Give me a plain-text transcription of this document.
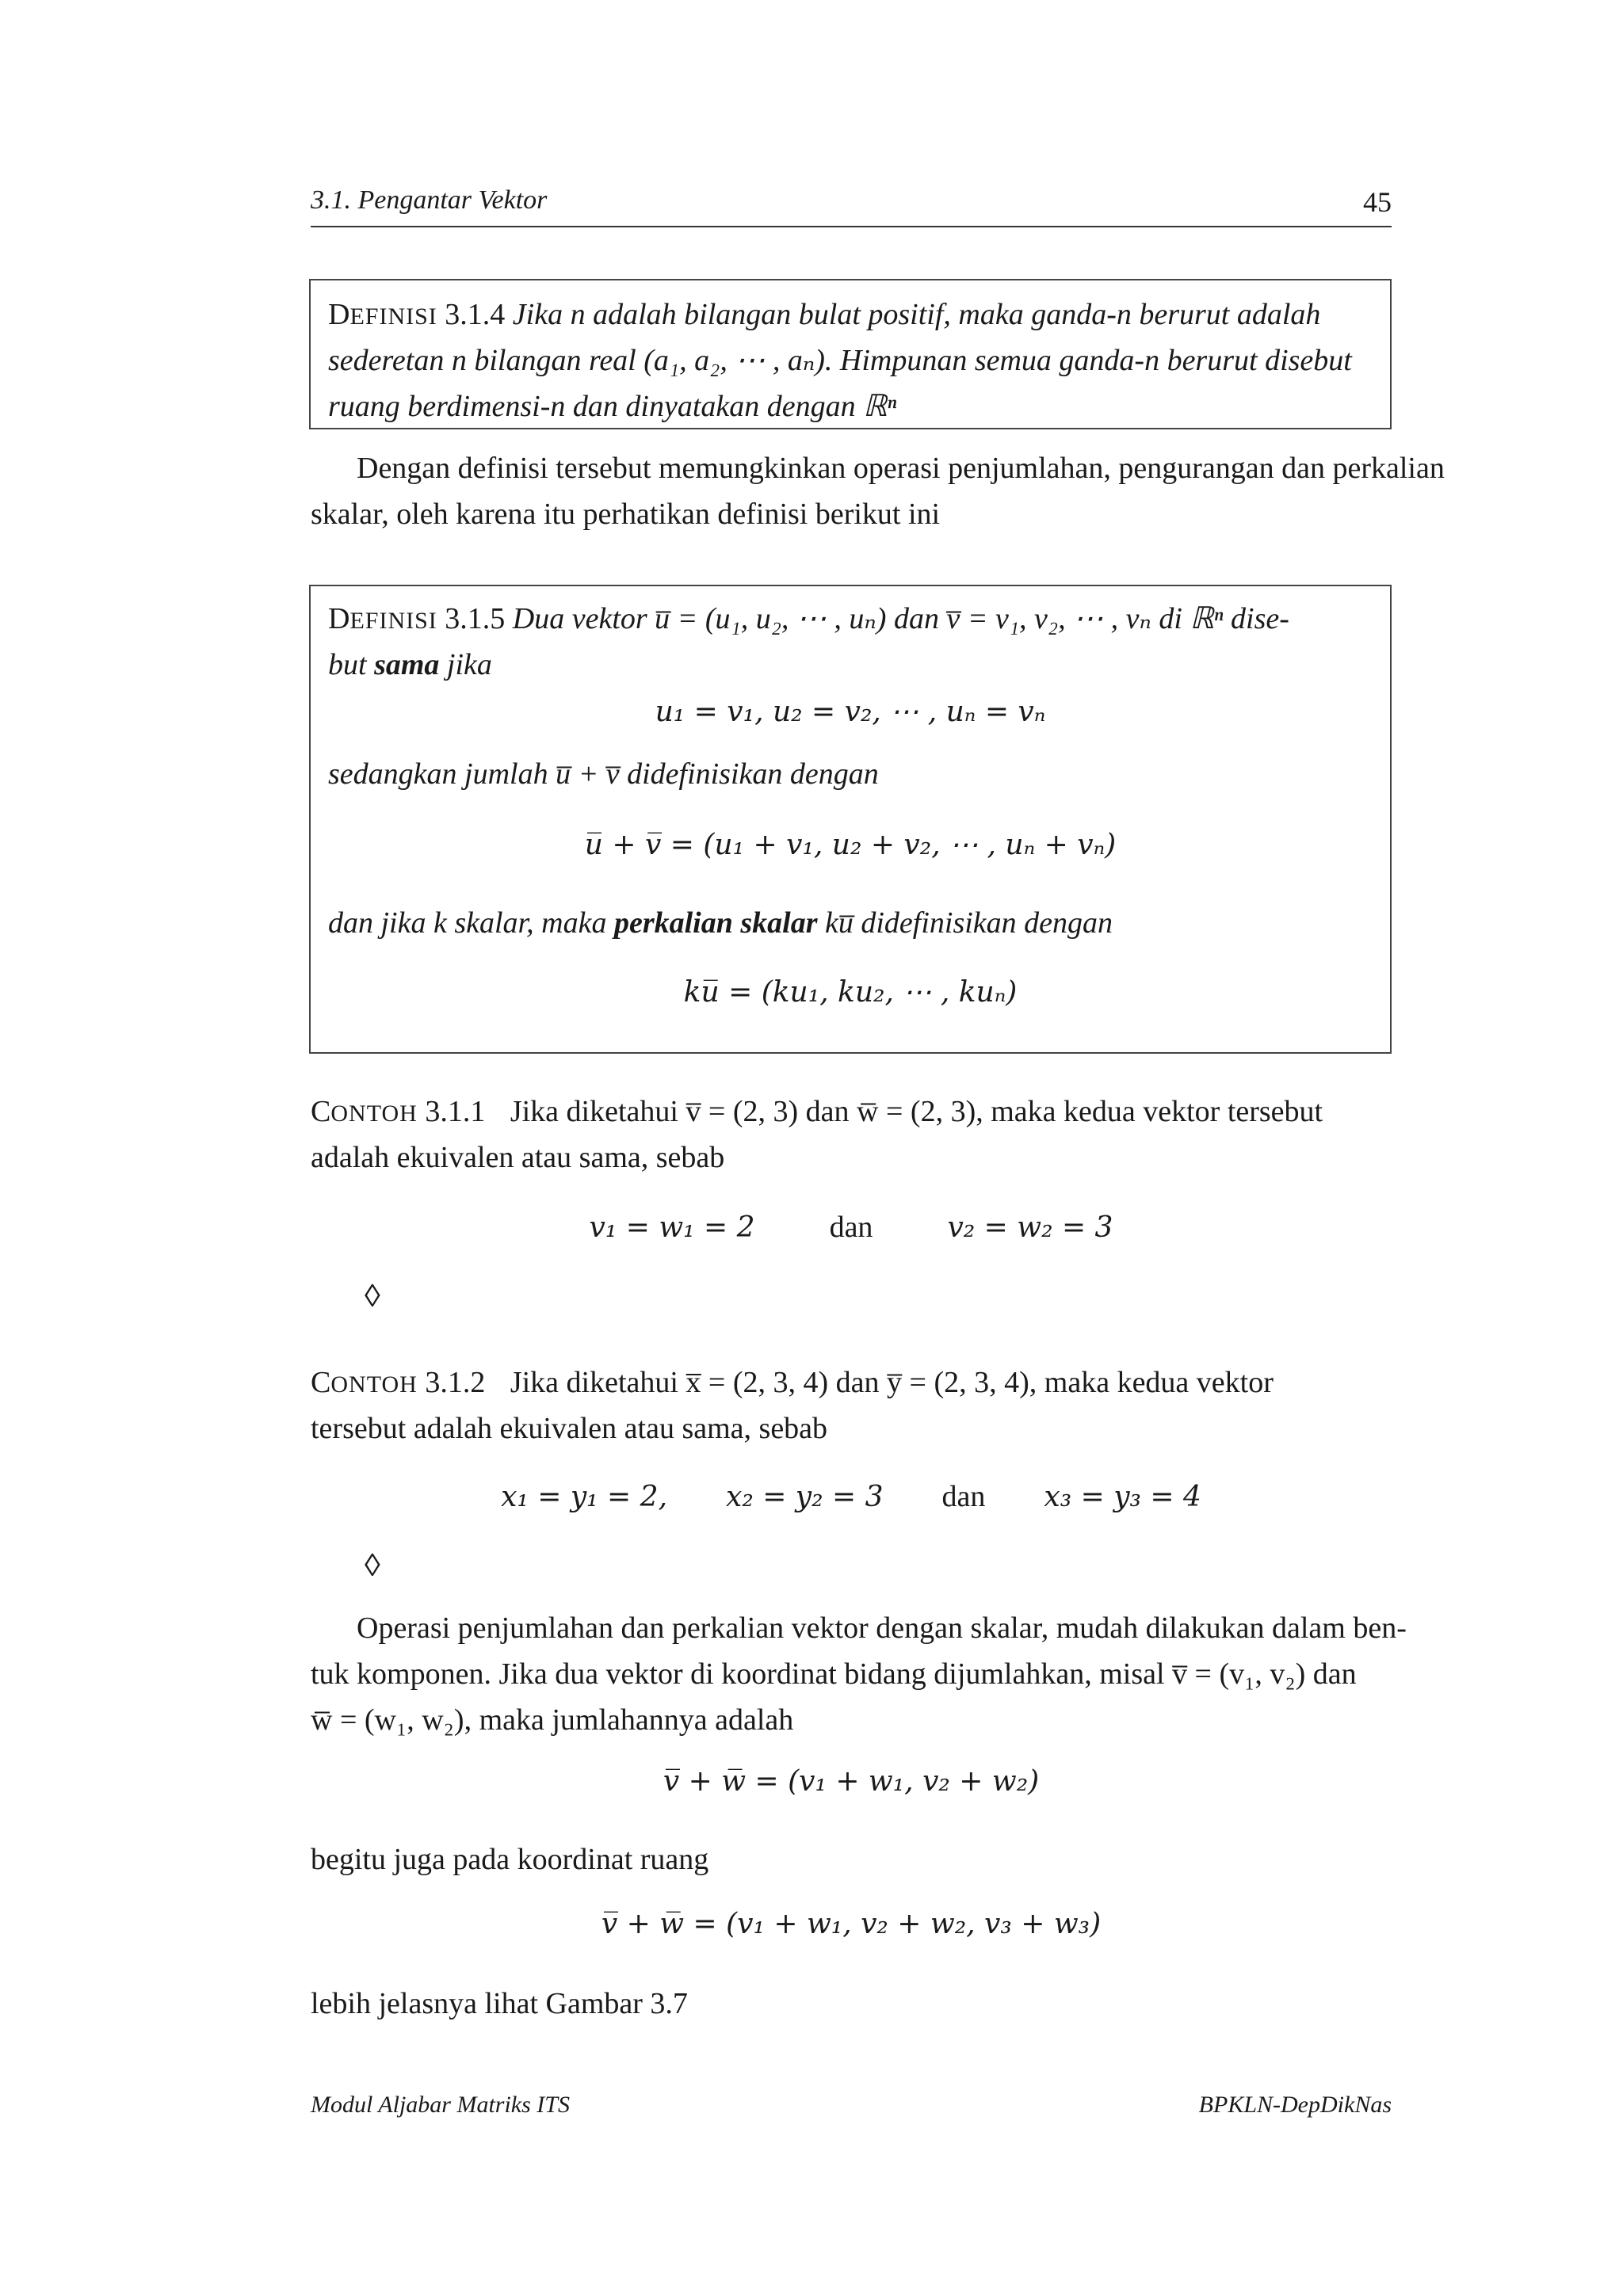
3.1. Pengantar Vektor	45
DEFINISI 3.1.4 Jika n adalah bilangan bulat positif, maka ganda-n berurut adalah
sederetan n bilangan real (a₁, a₂, ⋯ , aₙ). Himpunan semua ganda-n berurut disebut
ruang berdimensi-n dan dinyatakan dengan ℝⁿ
Dengan definisi tersebut memungkinkan operasi penjumlahan, pengurangan dan perkalian
skalar, oleh karena itu perhatikan definisi berikut ini
DEFINISI 3.1.5 Dua vektor u̅ = (u₁, u₂, ⋯ , uₙ) dan v̅ = v₁, v₂, ⋯ , vₙ di ℝⁿ dise-
but sama jika
u₁ = v₁, u₂ = v₂, ⋯ , uₙ = vₙ
sedangkan jumlah u̅ + v̅ didefinisikan dengan
u̅ + v̅ = (u₁ + v₁, u₂ + v₂, ⋯ , uₙ + vₙ)
dan jika k skalar, maka perkalian skalar ku̅ didefinisikan dengan
ku̅ = (ku₁, ku₂, ⋯ , kuₙ)
CONTOH 3.1.1 Jika diketahui v̅ = (2, 3) dan w̅ = (2, 3), maka kedua vektor tersebut
adalah ekuivalen atau sama, sebab
v₁ = w₁ = 2 dan	v₂ = w₂ = 3
◊
CONTOH 3.1.2 Jika diketahui x̅ = (2, 3, 4) dan y̅ = (2, 3, 4), maka kedua vektor
tersebut adalah ekuivalen atau sama, sebab
x₁ = y₁ = 2, x₂ = y₂ = 3 dan x₃ = y₃ = 4
◊
Operasi penjumlahan dan perkalian vektor dengan skalar, mudah dilakukan dalam ben-
tuk komponen. Jika dua vektor di koordinat bidang dijumlahkan, misal v̅ = (v₁, v₂) dan
w̅ = (w₁, w₂), maka jumlahannya adalah
v̅ + w̅ = (v₁ + w₁, v₂ + w₂)
begitu juga pada koordinat ruang
v̅ + w̅ = (v₁ + w₁, v₂ + w₂, v₃ + w₃)
lebih jelasnya lihat Gambar 3.7
Modul Aljabar Matriks ITS	BPKLN-DepDikNas
